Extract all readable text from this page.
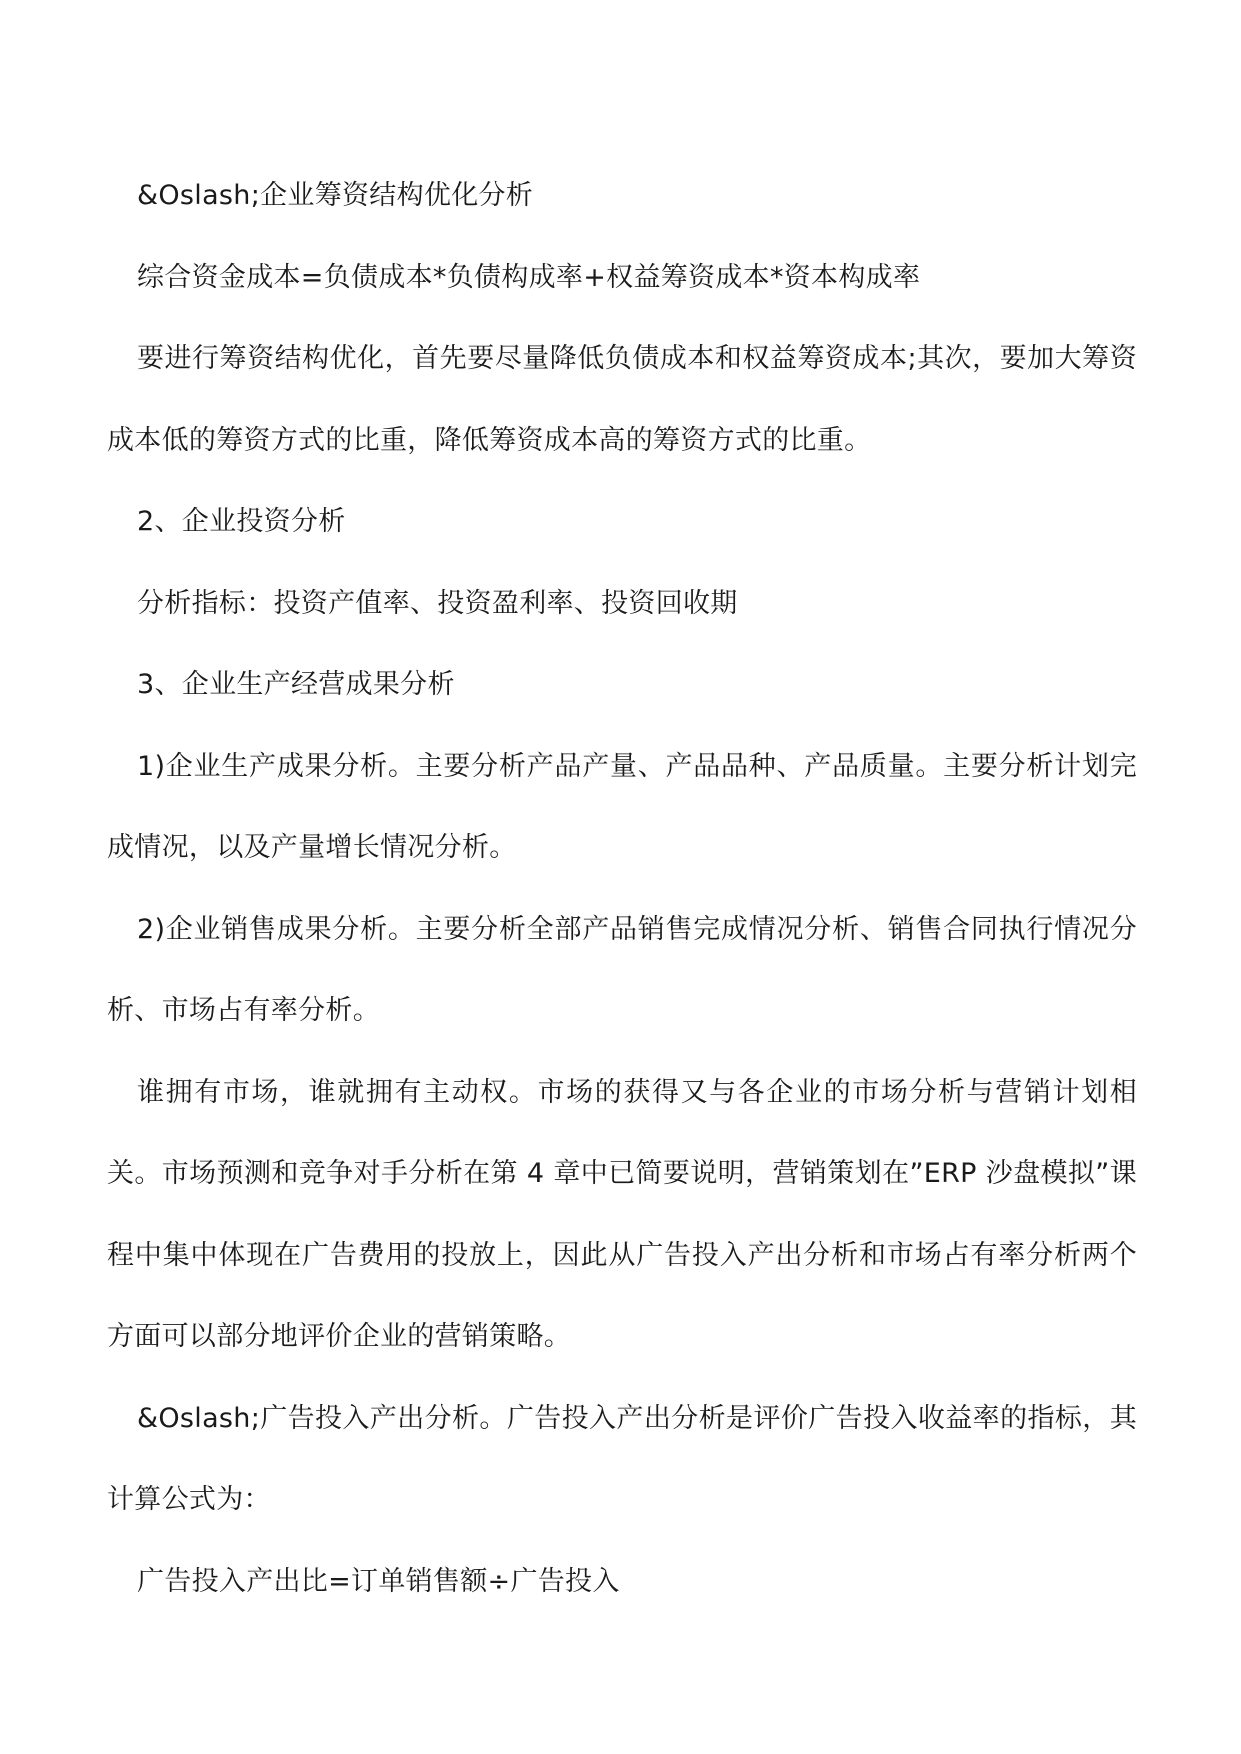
&Oslash;企业筹资结构优化分析

综合资金成本=负债成本*负债构成率+权益筹资成本*资本构成率

要进行筹资结构优化，首先要尽量降低负债成本和权益筹资成本;其次，要加大筹资成本低的筹资方式的比重，降低筹资成本高的筹资方式的比重。

2、企业投资分析

分析指标：投资产值率、投资盈利率、投资回收期

3、企业生产经营成果分析

1)企业生产成果分析。主要分析产品产量、产品品种、产品质量。主要分析计划完成情况，以及产量增长情况分析。

2)企业销售成果分析。主要分析全部产品销售完成情况分析、销售合同执行情况分析、市场占有率分析。

谁拥有市场，谁就拥有主动权。市场的获得又与各企业的市场分析与营销计划相关。市场预测和竞争对手分析在第 4 章中已简要说明，营销策划在”ERP 沙盘模拟”课程中集中体现在广告费用的投放上，因此从广告投入产出分析和市场占有率分析两个方面可以部分地评价企业的营销策略。

&Oslash;广告投入产出分析。广告投入产出分析是评价广告投入收益率的指标，其计算公式为：

广告投入产出比=订单销售额÷广告投入
